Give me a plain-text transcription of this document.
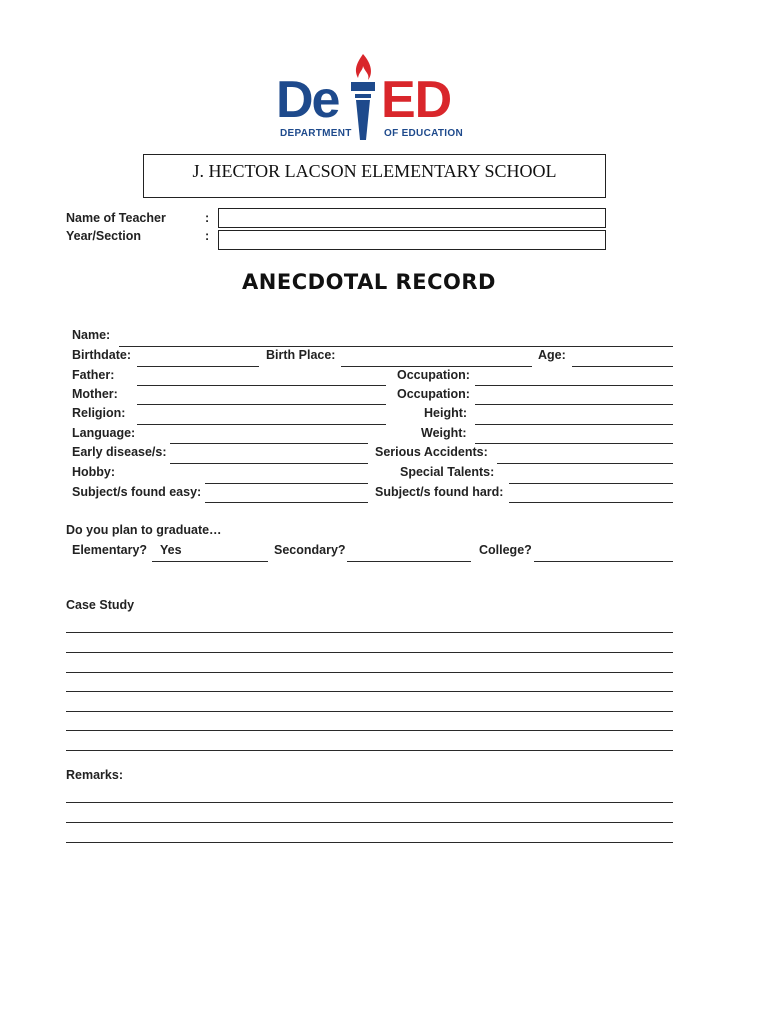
De ED
DEPARTMENT	OF EDUCATION
J. HECTOR LACSON ELEMENTARY SCHOOL
Name of Teacher	:
Year/Section	:
ANECDOTAL RECORD
Name:
Birthdate:	Birth Place:	Age:
Father:	Occupation:
Mother:	Occupation:
Religion:	Height:
Language:	Weight:
Early disease/s:	Serious Accidents:
Hobby:	Special Talents:
Subject/s found easy:	Subject/s found hard:
Do you plan to graduate…
Elementary? Yes	Secondary?	College?
Case Study
Remarks:
